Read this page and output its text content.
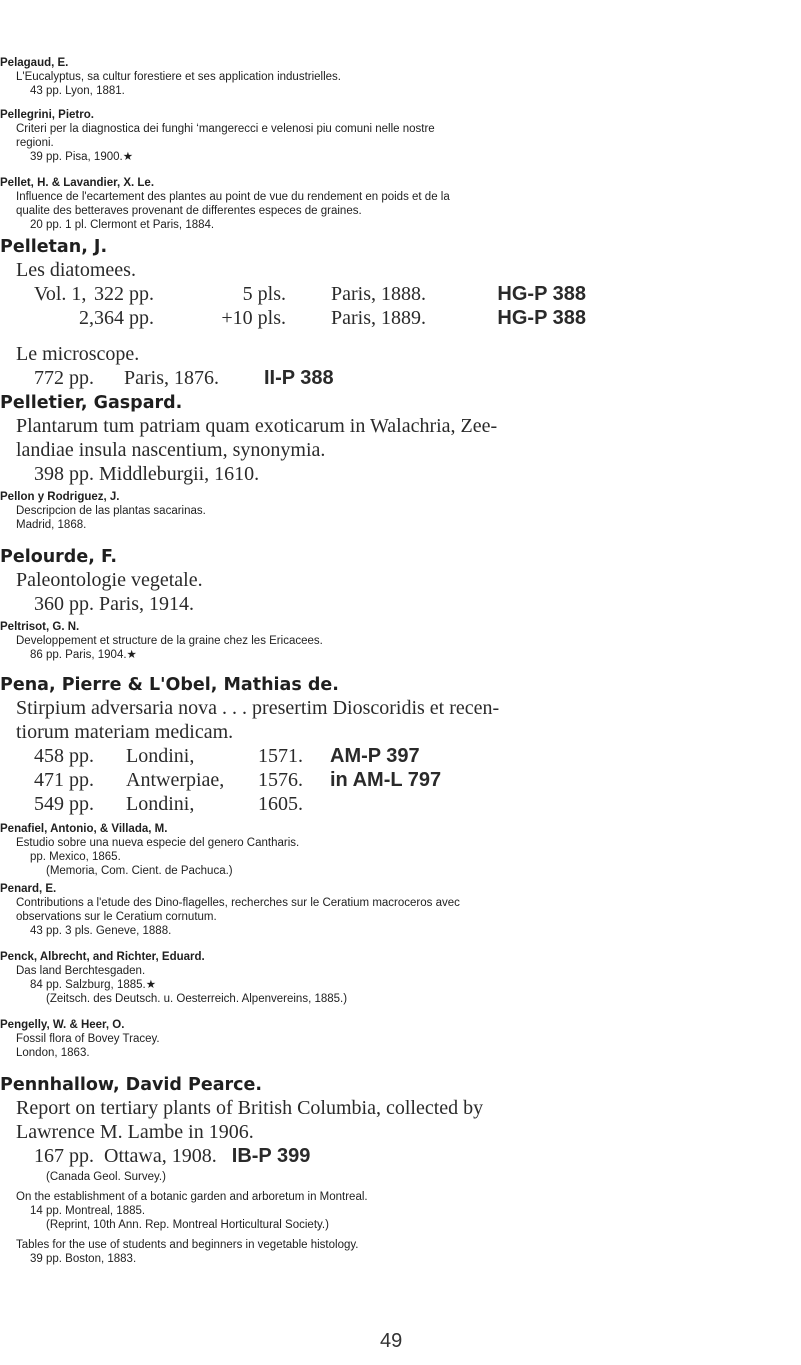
Pelagaud, E.
L'Eucalyptus, sa cultur forestiere et ses application industrielles.
43 pp. Lyon, 1881.
Pellegrini, Pietro.
Criteri per la diagnostica dei funghi ‘mangerecci e velenosi piu comuni nelle nostre
regioni.
39 pp. Pisa, 1900.★
Pellet, H. & Lavandier, X. Le.
Influence de l'ecartement des plantes au point de vue du rendement en poids et de la
qualite des betteraves provenant de differentes especes de graines.
20 pp. 1 pl. Clermont et Paris, 1884.
Pelletan, J.
Les diatomees.
Vol. 1, 322 pp.	5 pls. Paris, 1888.	HG-P 388
2,364 pp.	+10 pls. Paris, 1889.	HG-P 388
Le microscope.
772 pp. Paris, 1876. II-P 388
Pelletier, Gaspard.
Plantarum tum patriam quam exoticarum in Walachria, Zee-
landiae insula nascentium, synonymia.
398 pp. Middleburgii, 1610.
Pellon y Rodriguez, J.
Descripcion de las plantas sacarinas.
Madrid, 1868.
Pelourde, F.
Paleontologie vegetale.
360 pp. Paris, 1914.
Peltrisot, G. N.
Developpement et structure de la graine chez les Ericacees.
86 pp. Paris, 1904.★
Pena, Pierre & L'Obel, Mathias de.
Stirpium adversaria nova . . . presertim Dioscoridis et recen-
tiorum materiam medicam.
458 pp. Londini,	1571. AM-P 397
471 pp. Antwerpiae, 1576. in AM-L 797
549 pp. Londini,	1605.
Penafiel, Antonio, & Villada, M.
Estudio sobre una nueva especie del genero Cantharis.
pp. Mexico, 1865.
(Memoria, Com. Cient. de Pachuca.)
Penard, E.
Contributions a l'etude des Dino-flagelles, recherches sur le Ceratium macroceros avec
observations sur le Ceratium cornutum.
43 pp. 3 pls. Geneve, 1888.
Penck, Albrecht, and Richter, Eduard.
Das land Berchtesgaden.
84 pp. Salzburg, 1885.★
(Zeitsch. des Deutsch. u. Oesterreich. Alpenvereins, 1885.)
Pengelly, W. & Heer, O.
Fossil flora of Bovey Tracey.
London, 1863.
Pennhallow, David Pearce.
Report on tertiary plants of British Columbia, collected by
Lawrence M. Lambe in 1906.
167 pp.  Ottawa, 1908. IB-P 399
(Canada Geol. Survey.)
On the establishment of a botanic garden and arboretum in Montreal.
14 pp. Montreal, 1885.
(Reprint, 10th Ann. Rep. Montreal Horticultural Society.)
Tables for the use of students and beginners in vegetable histology.
39 pp. Boston, 1883.
49
